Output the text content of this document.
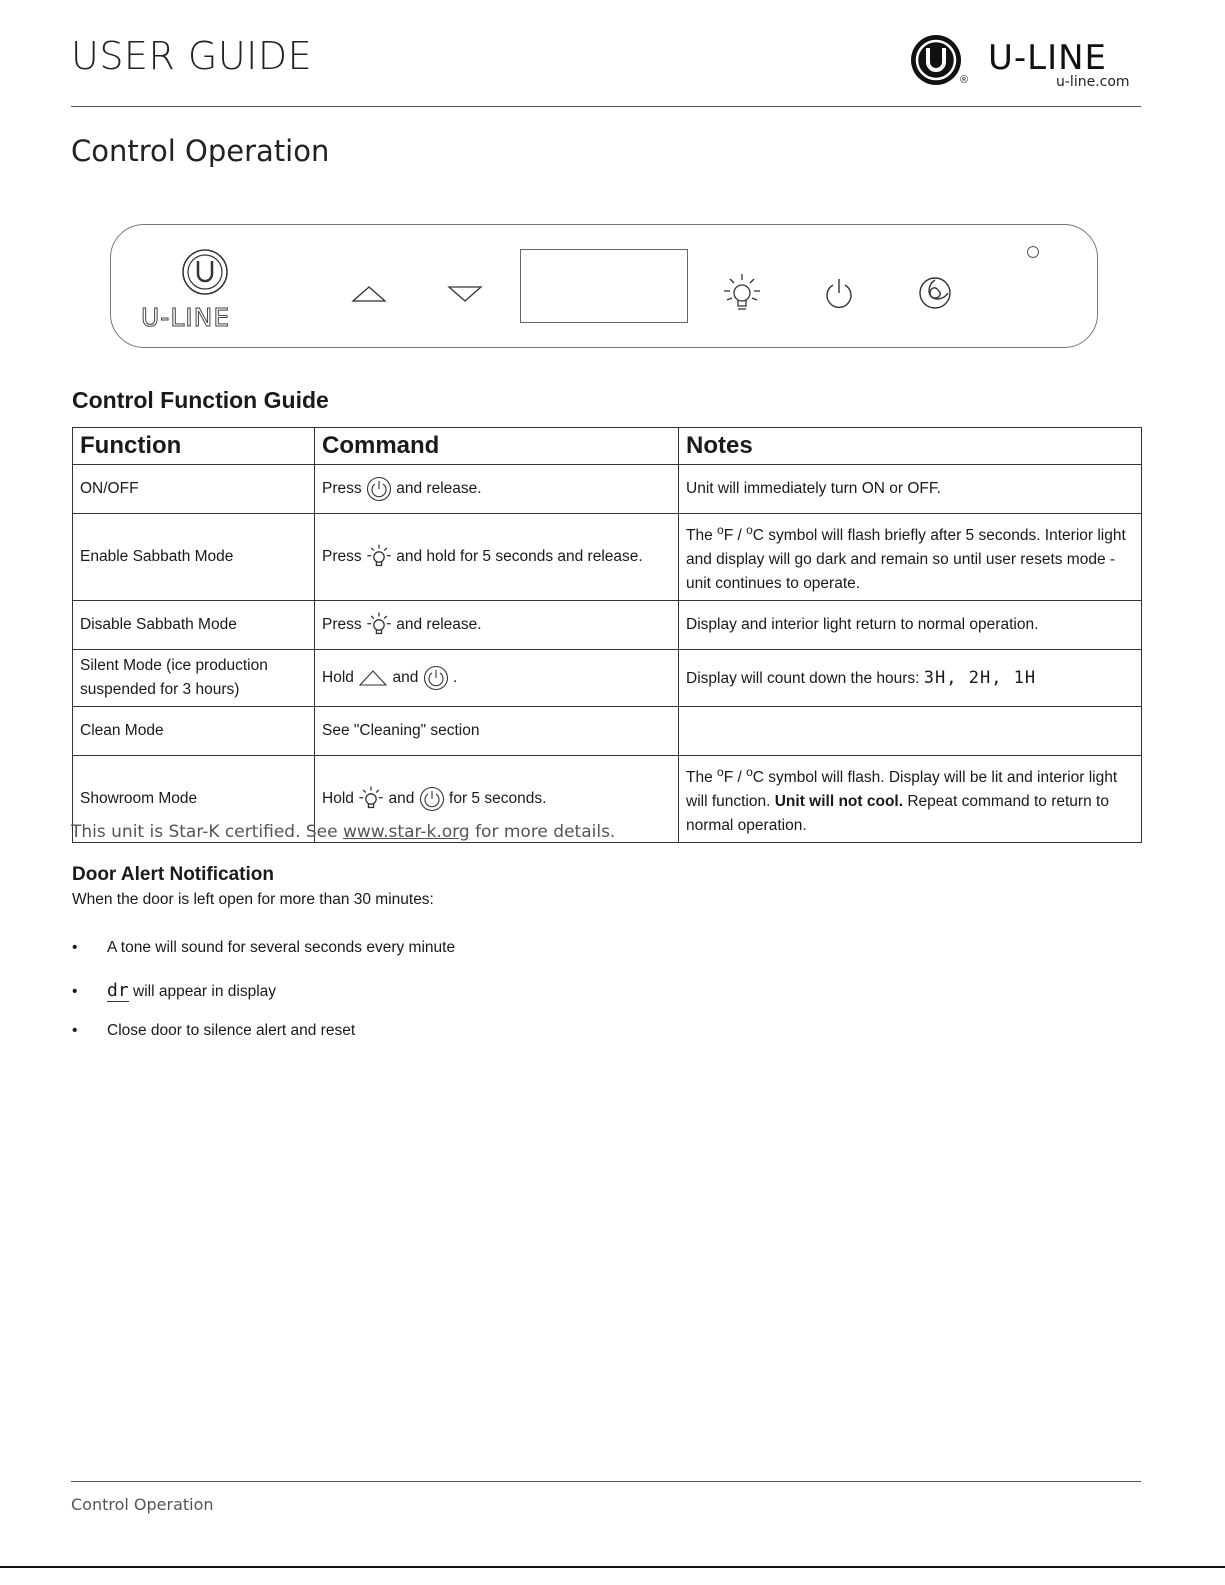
USER GUIDE
®
U-LINE
u-line.com
Control Operation
U-LINE
Control Function Guide
Function	Command	Notes
ON/OFF	Press and release.	Unit will immediately turn ON or OFF.
Enable Sabbath Mode	Press and hold for 5 seconds and release.	The $^o$F / $^o$C symbol will flash briefly after 5 seconds. Interior light and display will go dark and remain so until user resets mode - unit continues to operate.
Disable Sabbath Mode	Press and release.	Display and interior light return to normal operation.
Silent Mode (ice production suspended for 3 hours)	Hold and .	Display will count down the hours: 3H, 2H, 1H
Clean Mode	See "Cleaning" section	
Showroom Mode	Hold and for 5 seconds.	The $^o$F / $^o$C symbol will flash. Display will be lit and interior light will function. Unit will not cool. Repeat command to return to normal operation.
This unit is Star-K certified. See www.star-k.org for more details.
Door Alert Notification
When the door is left open for more than 30 minutes:
• A tone will sound for several seconds every minute
• dr will appear in display
• Close door to silence alert and reset
Control Operation
